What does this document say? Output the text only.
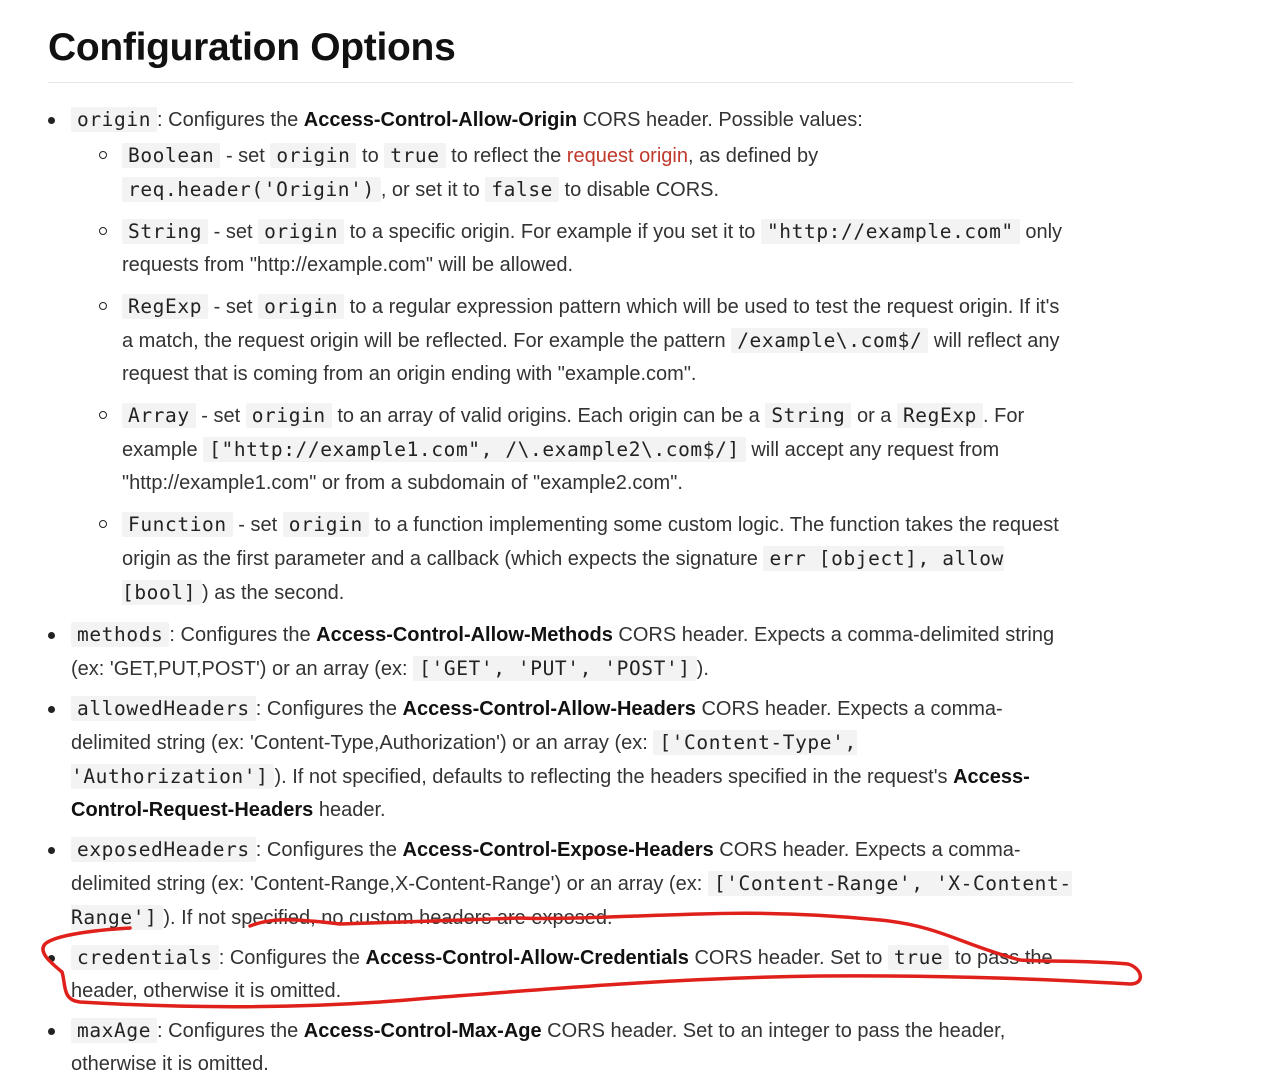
Configuration Options
origin : Configures the Access-Control-Allow-Origin CORS header. Possible values:
Boolean - set origin to true to reflect the request origin, as defined by req.header('Origin') , or set it to false to disable CORS.
String - set origin to a specific origin. For example if you set it to "http://example.com" only requests from "http://example.com" will be allowed.
RegExp - set origin to a regular expression pattern which will be used to test the request origin. If it's a match, the request origin will be reflected. For example the pattern /example\.com$/ will reflect any request that is coming from an origin ending with "example.com".
Array - set origin to an array of valid origins. Each origin can be a String or a RegExp . For example ["http://example1.com", /\.example2\.com$/] will accept any request from "http://example1.com" or from a subdomain of "example2.com".
Function - set origin to a function implementing some custom logic. The function takes the request origin as the first parameter and a callback (which expects the signature err [object], allow [bool] ) as the second.
methods : Configures the Access-Control-Allow-Methods CORS header. Expects a comma-delimited string (ex: 'GET,PUT,POST') or an array (ex: ['GET', 'PUT', 'POST'] ).
allowedHeaders : Configures the Access-Control-Allow-Headers CORS header. Expects a comma-delimited string (ex: 'Content-Type,Authorization') or an array (ex: ['Content-Type', 'Authorization'] ). If not specified, defaults to reflecting the headers specified in the request's Access-Control-Request-Headers header.
exposedHeaders : Configures the Access-Control-Expose-Headers CORS header. Expects a comma-delimited string (ex: 'Content-Range,X-Content-Range') or an array (ex: ['Content-Range', 'X-Content-Range'] ). If not specified, no custom headers are exposed.
credentials : Configures the Access-Control-Allow-Credentials CORS header. Set to true to pass the header, otherwise it is omitted.
maxAge : Configures the Access-Control-Max-Age CORS header. Set to an integer to pass the header, otherwise it is omitted.
